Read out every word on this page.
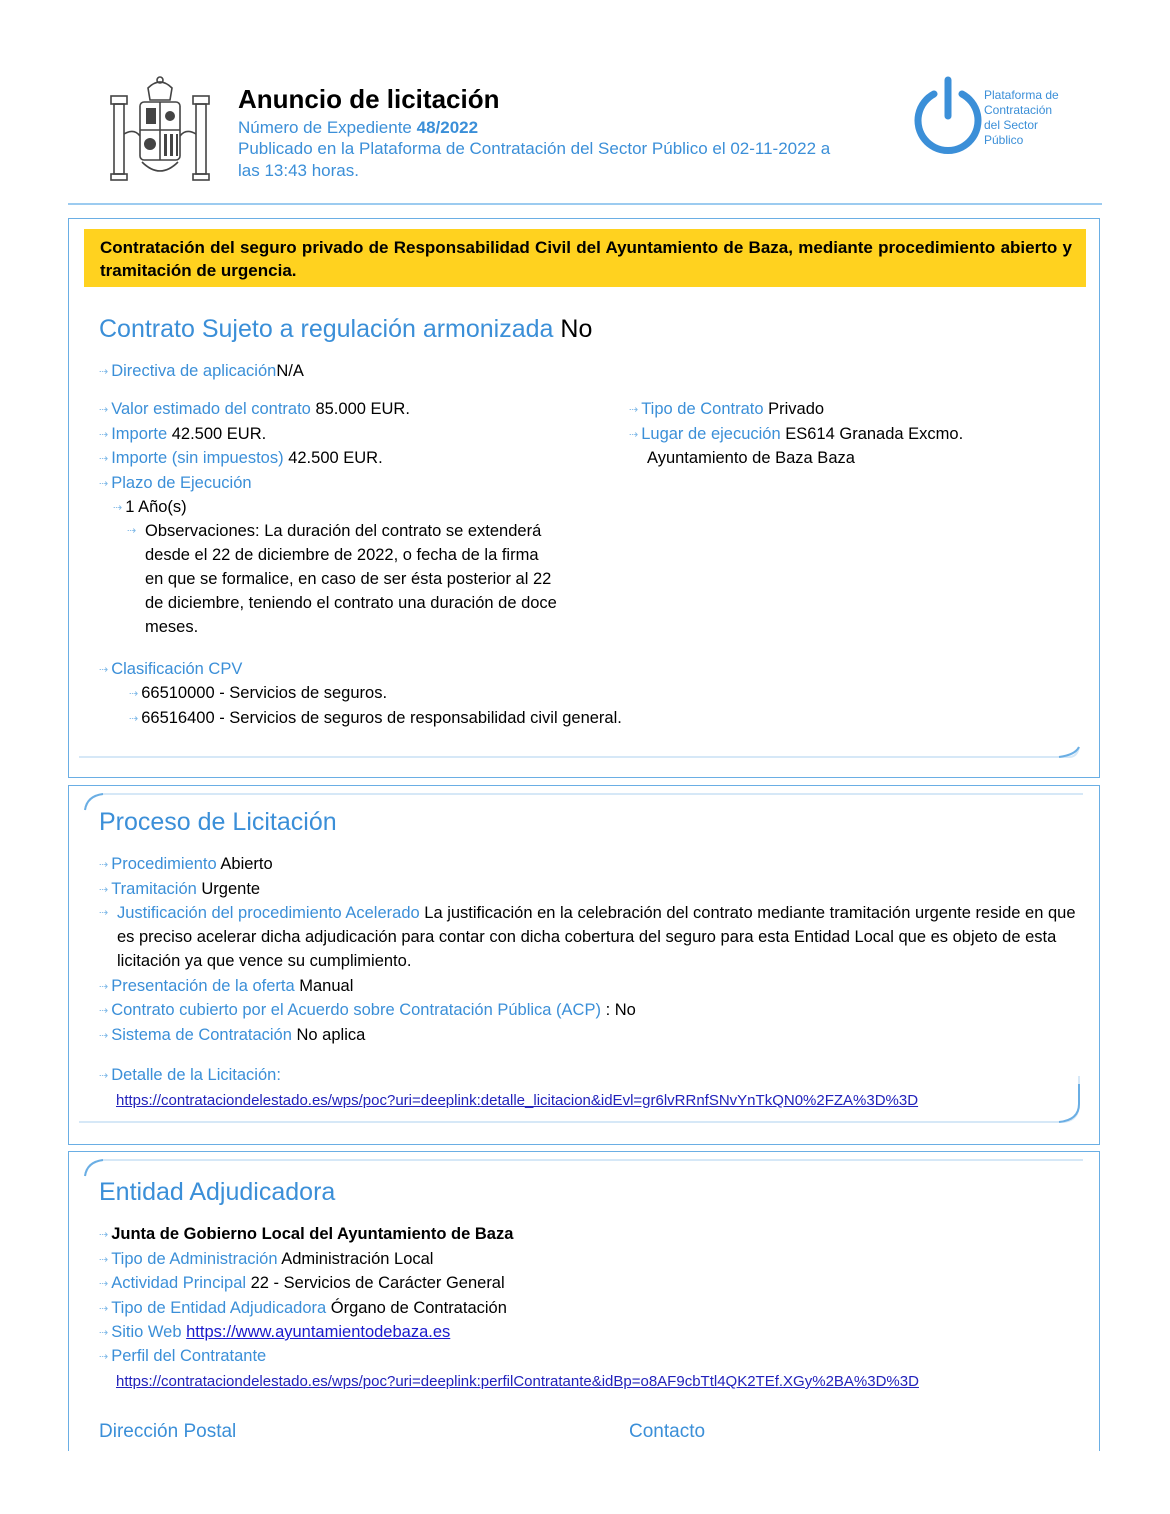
Anuncio de licitación
Número de Expediente 48/2022
Publicado en la Plataforma de Contratación del Sector Público el 02-11-2022 a
las 13:43 horas.
Plataforma de
Contratación
del Sector
Público
Contratación del seguro privado de Responsabilidad Civil del Ayuntamiento de Baza, mediante procedimiento abierto y tramitación de urgencia.
Contrato Sujeto a regulación armonizada No
⇢ Directiva de aplicaciónN/A
⇢ Valor estimado del contrato 85.000 EUR.
⇢ Importe 42.500 EUR.
⇢ Importe (sin impuestos) 42.500 EUR.
⇢ Plazo de Ejecución
⇢ 1 Año(s)
⇢ Observaciones: La duración del contrato se extenderá desde el 22 de diciembre de 2022, o fecha de la firma en que se formalice, en caso de ser ésta posterior al 22 de diciembre, teniendo el contrato una duración de doce meses.
⇢ Tipo de Contrato Privado
⇢ Lugar de ejecución ES614 Granada Excmo.
Ayuntamiento de Baza Baza
⇢ Clasificación CPV
⇢ 66510000 - Servicios de seguros.
⇢ 66516400 - Servicios de seguros de responsabilidad civil general.
Proceso de Licitación
⇢ Procedimiento Abierto
⇢ Tramitación Urgente
⇢ Justificación del procedimiento Acelerado La justificación en la celebración del contrato mediante tramitación urgente reside en que es preciso acelerar dicha adjudicación para contar con dicha cobertura del seguro para esta Entidad Local que es objeto de esta licitación ya que vence su cumplimiento.
⇢ Presentación de la oferta Manual
⇢ Contrato cubierto por el Acuerdo sobre Contratación Pública (ACP) : No
⇢ Sistema de Contratación No aplica
⇢ Detalle de la Licitación:
https://contrataciondelestado.es/wps/poc?uri=deeplink:detalle_licitacion&idEvl=gr6lvRRnfSNvYnTkQN0%2FZA%3D%3D
Entidad Adjudicadora
⇢ Junta de Gobierno Local del Ayuntamiento de Baza
⇢ Tipo de Administración Administración Local
⇢ Actividad Principal 22 - Servicios de Carácter General
⇢ Tipo de Entidad Adjudicadora Órgano de Contratación
⇢ Sitio Web https://www.ayuntamientodebaza.es
⇢ Perfil del Contratante
https://contrataciondelestado.es/wps/poc?uri=deeplink:perfilContratante&idBp=o8AF9cbTtl4QK2TEf.XGy%2BA%3D%3D
Dirección Postal	Contacto
